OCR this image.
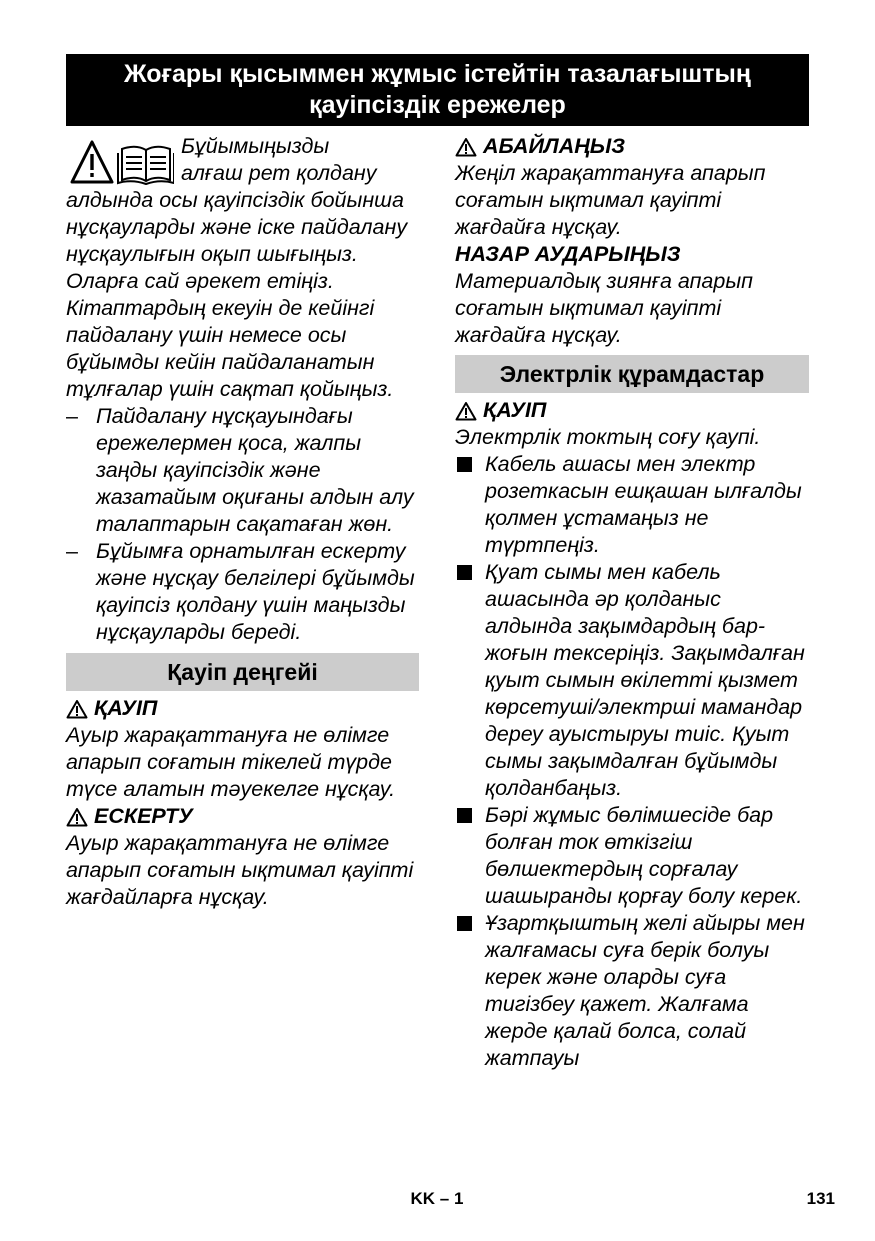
Жоғары қысыммен жұмыс істейтін тазалағыштың
қауіпсіздік ережелер
Бұйымыңызды
алғаш рет қолдану
алдында осы қауіпсіздік бойынша нұсқауларды және іске пайдалану нұсқаулығын оқып шығыңыз. Оларға сай әрекет етіңіз. Кітаптардың екеуін де кейінгі пайдалану үшін немесе осы бұйымды кейін пайдаланатын тұлғалар үшін сақтап қойыңыз.
– Пайдалану нұсқауындағы ережелермен қоса, жалпы заңды қауіпсіздік және жазатайым оқиғаны алдын алу талаптарын сақатаған жөн.
– Бұйымға орнатылған ескерту және нұсқау белгілері бұйымды қауіпсіз қолдану үшін маңызды нұсқауларды береді.
Қауіп деңгейі
ҚАУІП
Ауыр жарақаттануға не өлімге апарып соғатын тікелей түрде түсе алатын тәуекелге нұсқау.
ЕСКЕРТУ
Ауыр жарақаттануға не өлімге апарып соғатын ықтимал қауіпті жағдайларға нұсқау.
АБАЙЛАҢЫЗ
Жеңіл жарақаттануға апарып соғатын ықтимал қауіпті жағдайға нұсқау.
НАЗАР АУДАРЫҢЫЗ
Материалдық зиянға апарып соғатын ықтимал қауіпті жағдайға нұсқау.
Электрлік құрамдастар
ҚАУІП
Электрлік токтың соғу қаупі.
Кабель ашасы мен электр розеткасын ешқашан ылғалды қолмен ұстамаңыз не түртпеңіз.
Қуат сымы мен кабель ашасында әр қолданыс алдында зақымдардың бар-жоғын тексеріңіз. Зақымдалған қуыт сымын өкілетті қызмет көрсетуші/электрші мамандар дереу ауыстыруы тиіс. Қуыт сымы зақымдалған бұйымды қолданбаңыз.
Бәрі жұмыс бөлімшесіде бар болған ток өткізгіш бөлшектердың сорғалау шашыранды қорғау болу керек.
Ұзартқыштың желі айыры мен жалғамасы суға берік болуы керек және оларды суға тигізбеу қажет. Жалғама жерде қалай болса, солай жатпауы
KK – 1	131
